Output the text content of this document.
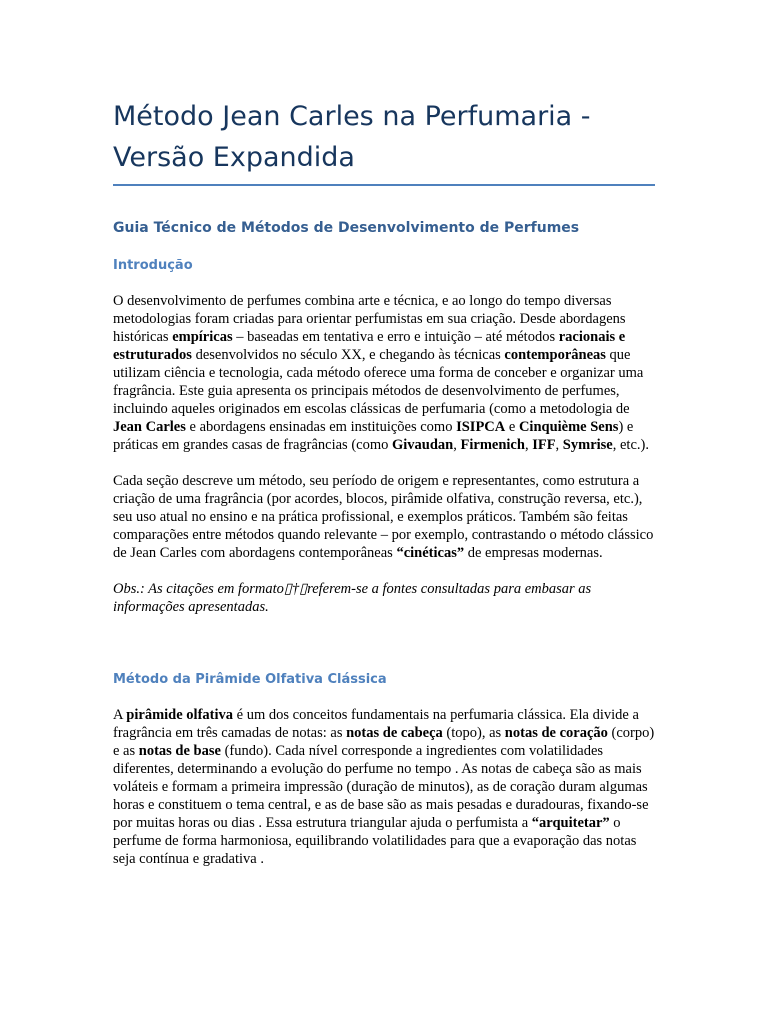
Método Jean Carles na Perfumaria -
Versão Expandida
Guia Técnico de Métodos de Desenvolvimento de Perfumes
Introdução

O desenvolvimento de perfumes combina arte e técnica, e ao longo do tempo diversas metodologias foram criadas para orientar perfumistas em sua criação. Desde abordagens históricas empíricas – baseadas em tentativa e erro e intuição – até métodos racionais e estruturados desenvolvidos no século XX, e chegando às técnicas contemporâneas que utilizam ciência e tecnologia, cada método oferece uma forma de conceber e organizar uma fragrância. Este guia apresenta os principais métodos de desenvolvimento de perfumes, incluindo aqueles originados em escolas clássicas de perfumaria (como a metodologia de Jean Carles e abordagens ensinadas em instituições como ISIPCA e Cinquième Sens) e práticas em grandes casas de fragrâncias (como Givaudan, Firmenich, IFF, Symrise, etc.).

Cada seção descreve um método, seu período de origem e representantes, como estrutura a criação de uma fragrância (por acordes, blocos, pirâmide olfativa, construção reversa, etc.), seu uso atual no ensino e na prática profissional, e exemplos práticos. Também são feitas comparações entre métodos quando relevante – por exemplo, contrastando o método clássico de Jean Carles com abordagens contemporâneas “cinéticas” de empresas modernas.

Obs.: As citações em formato▯†▯referem-se a fontes consultadas para embasar as informações apresentadas.

Método da Pirâmide Olfativa Clássica

A pirâmide olfativa é um dos conceitos fundamentais na perfumaria clássica. Ela divide a fragrância em três camadas de notas: as notas de cabeça (topo), as notas de coração (corpo) e as notas de base (fundo). Cada nível corresponde a ingredientes com volatilidades diferentes, determinando a evolução do perfume no tempo . As notas de cabeça são as mais voláteis e formam a primeira impressão (duração de minutos), as de coração duram algumas horas e constituem o tema central, e as de base são as mais pesadas e duradouras, fixando-se por muitas horas ou dias . Essa estrutura triangular ajuda o perfumista a “arquitetar” o perfume de forma harmoniosa, equilibrando volatilidades para que a evaporação das notas seja contínua e gradativa .
